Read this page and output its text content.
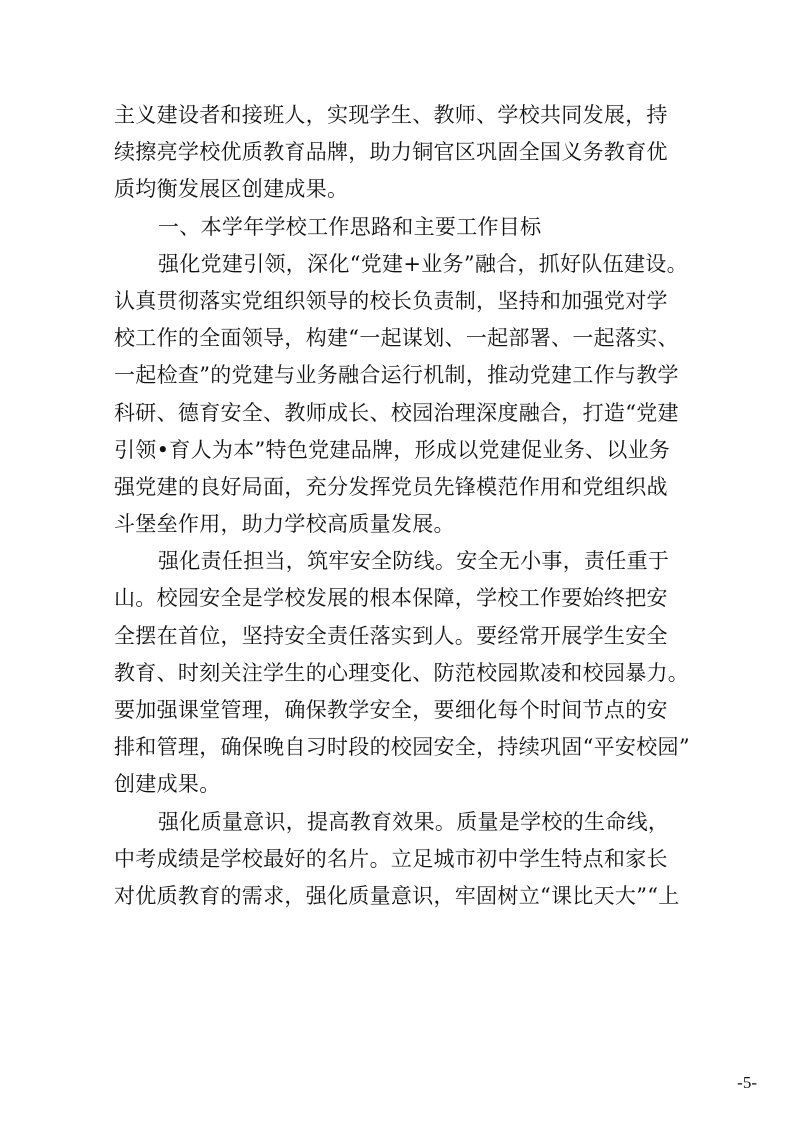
主义建设者和接班人，实现学生、教师、学校共同发展，持
续擦亮学校优质教育品牌，助力铜官区巩固全国义务教育优
质均衡发展区创建成果。
一、本学年学校工作思路和主要工作目标
强化党建引领，深化“党建+业务”融合，抓好队伍建设。
认真贯彻落实党组织领导的校长负责制，坚持和加强党对学
校工作的全面领导，构建“一起谋划、一起部署、一起落实、
一起检查”的党建与业务融合运行机制，推动党建工作与教学
科研、德育安全、教师成长、校园治理深度融合，打造“党建
引领•育人为本”特色党建品牌，形成以党建促业务、以业务
强党建的良好局面，充分发挥党员先锋模范作用和党组织战
斗堡垒作用，助力学校高质量发展。
强化责任担当，筑牢安全防线。安全无小事，责任重于
山。校园安全是学校发展的根本保障，学校工作要始终把安
全摆在首位，坚持安全责任落实到人。要经常开展学生安全
教育、时刻关注学生的心理变化、防范校园欺凌和校园暴力。
要加强课堂管理，确保教学安全，要细化每个时间节点的安
排和管理，确保晚自习时段的校园安全，持续巩固“平安校园”
创建成果。
强化质量意识，提高教育效果。质量是学校的生命线，
中考成绩是学校最好的名片。立足城市初中学生特点和家长
对优质教育的需求，强化质量意识，牢固树立“课比天大”“上
-5-
